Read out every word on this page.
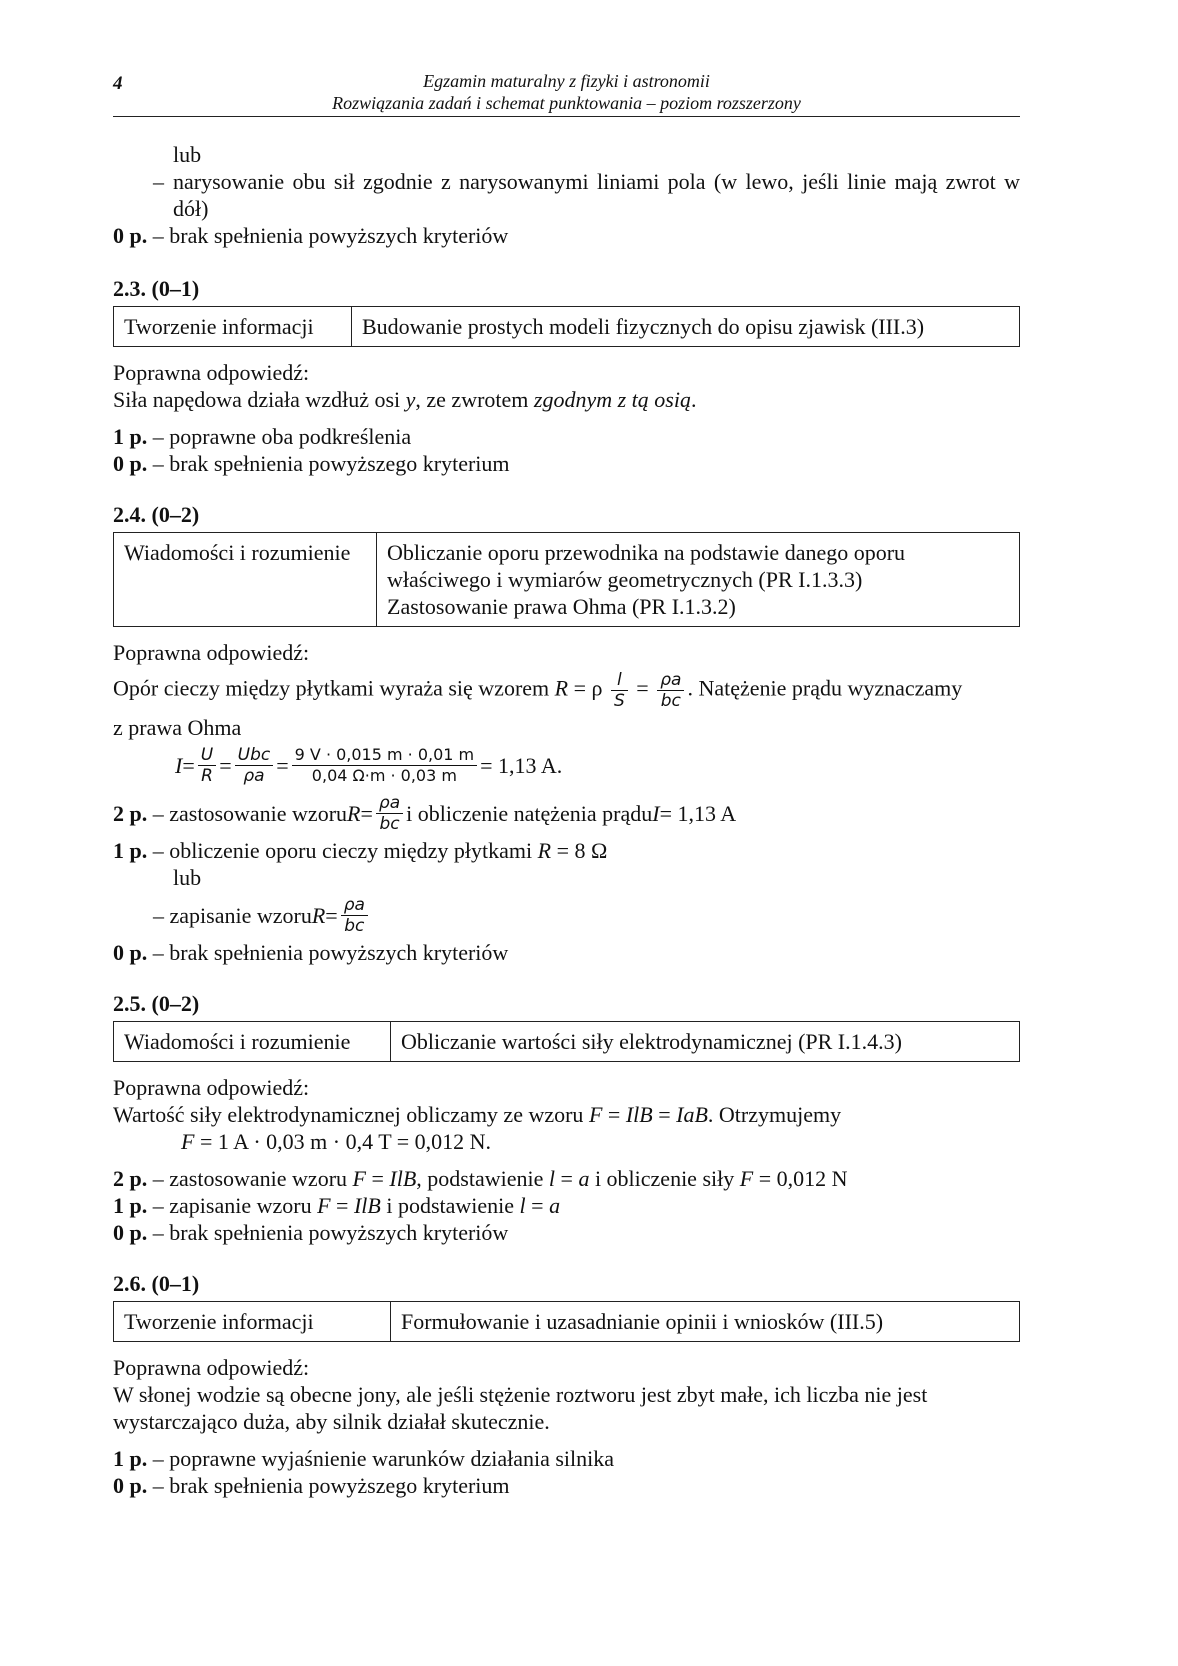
4	Egzamin maturalny z fizyki i astronomii
Rozwiązania zadań i schemat punktowania – poziom rozszerzony
lub
– narysowanie obu sił zgodnie z narysowanymi liniami pola (w lewo, jeśli linie mają zwrot w dół)
0 p. – brak spełnienia powyższych kryteriów
2.3. (0–1)
Tworzenie informacji	Budowanie prostych modeli fizycznych do opisu zjawisk (III.3)
Poprawna odpowiedź:
Siła napędowa działa wzdłuż osi y, ze zwrotem zgodnym z tą osią.
1 p. – poprawne oba podkreślenia
0 p. – brak spełnienia powyższego kryterium
2.4. (0–2)
Wiadomości i rozumienie	Obliczanie oporu przewodnika na podstawie danego oporu
właściwego i wymiarów geometrycznych (PR I.1.3.3)
Zastosowanie prawa Ohma (PR I.1.3.2)
Poprawna odpowiedź:
Opór cieczy między płytkami wyraża się wzorem R = ρ $\frac{l}{S} = \frac{\rho a}{bc}$ . Natężenie prądu wyznaczamy
z prawa Ohma
$I = \frac{U}{R} = \frac{\text{Ubc}}{\rho a} = \frac{9 V \cdot 0,015 m \cdot 0,01 m}{0,04 \Omega\cdot m \cdot 0,03 m} = 1,13$ A.
2 p.
– zastosowanie wzoru $R = \frac{\rho a}{bc}$ i obliczenie natężenia prądu I = 1,13 A
1 p. – obliczenie oporu cieczy między płytkami R = 8 Ω
lub
– zapisanie wzoru $R = \frac{\rho a}{bc}$
0 p. – brak spełnienia powyższych kryteriów
2.5. (0–2)
Wiadomości i rozumienie	Obliczanie wartości siły elektrodynamicznej (PR I.1.4.3)
Poprawna odpowiedź:
Wartość siły elektrodynamicznej obliczamy ze wzoru F = IlB = IaB. Otrzymujemy
F = 1 A · 0,03 m · 0,4 T = 0,012 N.
2 p. – zastosowanie wzoru F = IlB, podstawienie l = a i obliczenie siły F = 0,012 N
1 p. – zapisanie wzoru F = IlB i podstawienie l = a
0 p. – brak spełnienia powyższych kryteriów
2.6. (0–1)
Tworzenie informacji	Formułowanie i uzasadnianie opinii i wniosków (III.5)
Poprawna odpowiedź:
W słonej wodzie są obecne jony, ale jeśli stężenie roztworu jest zbyt małe, ich liczba nie jest
wystarczająco duża, aby silnik działał skutecznie.
1 p. – poprawne wyjaśnienie warunków działania silnika
0 p. – brak spełnienia powyższego kryterium
